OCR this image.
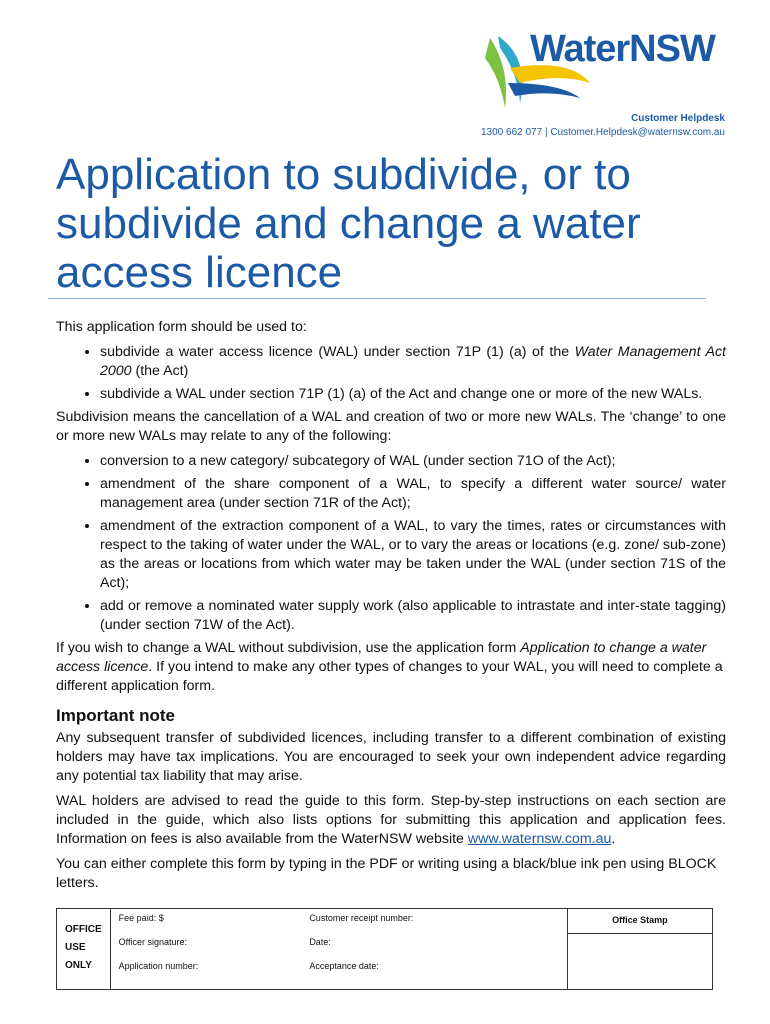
WaterNSW
Customer Helpdesk
1300 662 077 | Customer.Helpdesk@waternsw.com.au
Application to subdivide, or to subdivide and change a water access licence

This application form should be used to:

• subdivide a water access licence (WAL) under section 71P (1) (a) of the Water Management Act 2000 (the Act)
• subdivide a WAL under section 71P (1) (a) of the Act and change one or more of the new WALs.

Subdivision means the cancellation of a WAL and creation of two or more new WALs. The ‘change’ to one or more new WALs may relate to any of the following:

• conversion to a new category/ subcategory of WAL (under section 71O of the Act);
• amendment of the share component of a WAL, to specify a different water source/ water management area (under section 71R of the Act);
• amendment of the extraction component of a WAL, to vary the times, rates or circumstances with respect to the taking of water under the WAL, or to vary the areas or locations (e.g. zone/ sub-zone) as the areas or locations from which water may be taken under the WAL (under section 71S of the Act);
• add or remove a nominated water supply work (also applicable to intrastate and inter-state tagging) (under section 71W of the Act).

If you wish to change a WAL without subdivision, use the application form Application to change a water access licence. If you intend to make any other types of changes to your WAL, you will need to complete a different application form.

Important note

Any subsequent transfer of subdivided licences, including transfer to a different combination of existing holders may have tax implications. You are encouraged to seek your own independent advice regarding any potential tax liability that may arise.

WAL holders are advised to read the guide to this form. Step-by-step instructions on each section are included in the guide, which also lists options for submitting this application and application fees. Information on fees is also available from the WaterNSW website www.waternsw.com.au.

You can either complete this form by typing in the PDF or writing using a black/blue ink pen using BLOCK letters.

OFFICE
USE
ONLY

Fee paid: $	Customer receipt number:
Officer signature:	Date:
Application number:	Acceptance date:

Office Stamp
